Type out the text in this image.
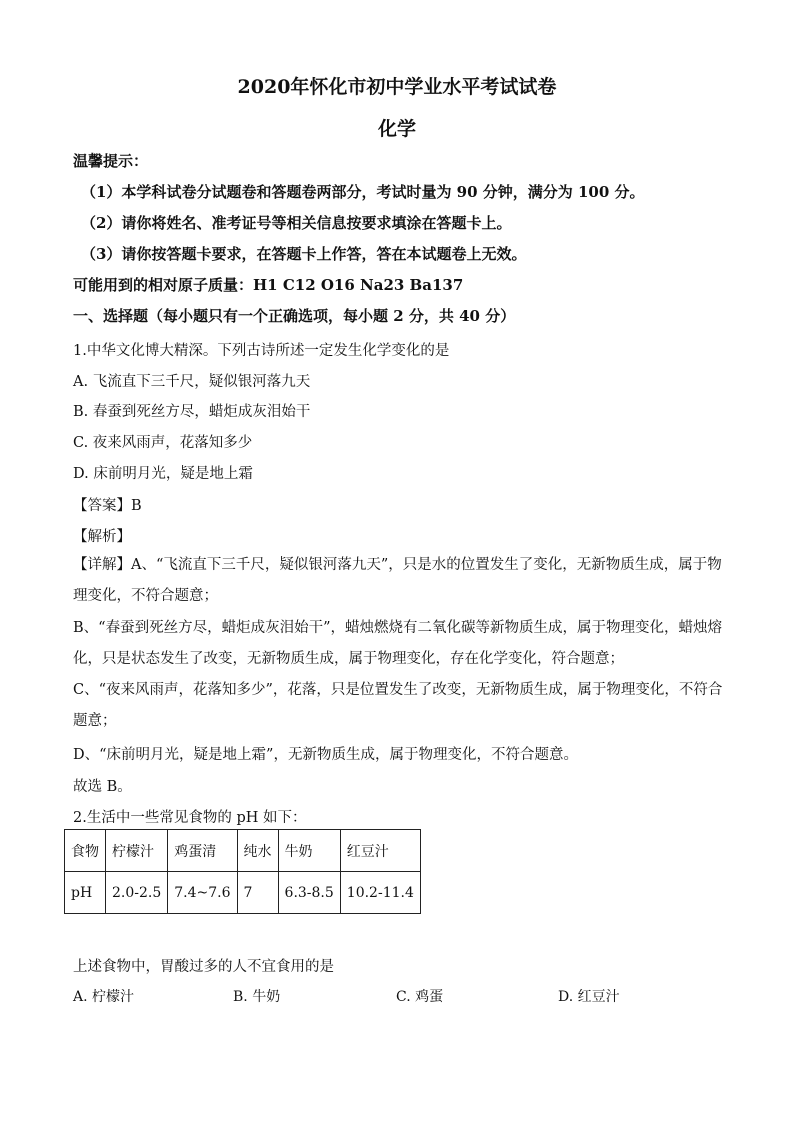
2020年怀化市初中学业水平考试试卷
化学
温馨提示：
（1）本学科试卷分试题卷和答题卷两部分，考试时量为 90 分钟，满分为 100 分。
（2）请你将姓名、准考证号等相关信息按要求填涂在答题卡上。
（3）请你按答题卡要求，在答题卡上作答，答在本试题卷上无效。
可能用到的相对原子质量：H1 C12 O16 Na23 Ba137
一、选择题（每小题只有一个正确选项，每小题 2 分，共 40 分）
1.中华文化博大精深。下列古诗所述一定发生化学变化的是
A. 飞流直下三千尺，疑似银河落九天
B. 春蚕到死丝方尽，蜡炬成灰泪始干
C. 夜来风雨声，花落知多少
D. 床前明月光，疑是地上霜
【答案】B
【解析】
【详解】A、“飞流直下三千尺，疑似银河落九天”，只是水的位置发生了变化，无新物质生成，属于物理变化，不符合题意；
B、“春蚕到死丝方尽，蜡炬成灰泪始干”，蜡烛燃烧有二氧化碳等新物质生成，属于物理变化，蜡烛熔化，只是状态发生了改变，无新物质生成，属于物理变化，存在化学变化，符合题意；
C、“夜来风雨声，花落知多少”，花落，只是位置发生了改变，无新物质生成，属于物理变化，不符合题意；
D、“床前明月光，疑是地上霜”，无新物质生成，属于物理变化，不符合题意。
故选 B。
2.生活中一些常见食物的 pH 如下：
食物	柠檬汁	鸡蛋清	纯水	牛奶	红豆汁
pH	2.0-2.5	7.4~7.6	7	6.3-8.5	10.2-11.4
上述食物中，胃酸过多的人不宜食用的是
A. 柠檬汁	B. 牛奶	C. 鸡蛋	D. 红豆汁
